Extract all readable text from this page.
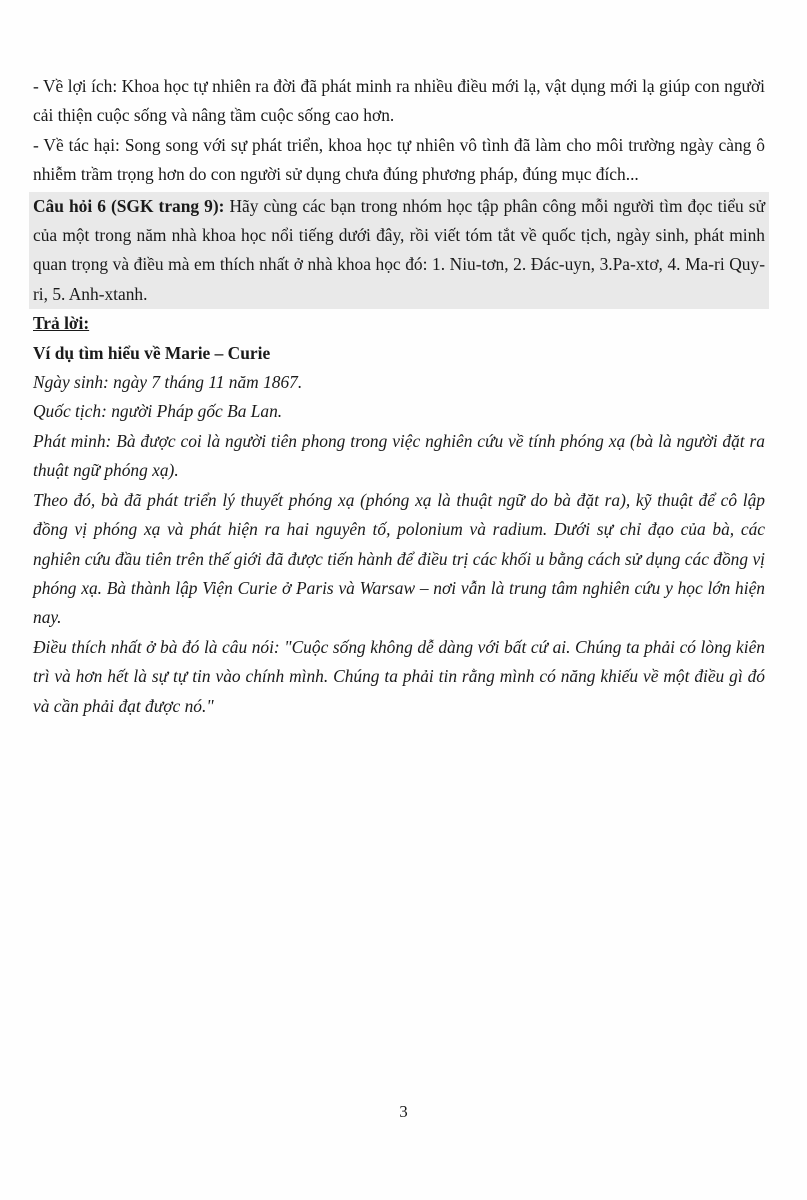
- Về lợi ích: Khoa học tự nhiên ra đời đã phát minh ra nhiều điều mới lạ, vật dụng mới lạ giúp con người cải thiện cuộc sống và nâng tầm cuộc sống cao hơn.

- Về tác hại: Song song với sự phát triển, khoa học tự nhiên vô tình đã làm cho môi trường ngày càng ô nhiễm trầm trọng hơn do con người sử dụng chưa đúng phương pháp, đúng mục đích...

Câu hỏi 6 (SGK trang 9): Hãy cùng các bạn trong nhóm học tập phân công mỗi người tìm đọc tiểu sử của một trong năm nhà khoa học nổi tiếng dưới đây, rồi viết tóm tắt về quốc tịch, ngày sinh, phát minh quan trọng và điều mà em thích nhất ở nhà khoa học đó: 1. Niu-tơn, 2. Đác-uyn, 3.Pa-xtơ, 4. Ma-ri Quy-ri, 5. Anh-xtanh.

Trả lời:

Ví dụ tìm hiểu về Marie – Curie

Ngày sinh: ngày 7 tháng 11 năm 1867.

Quốc tịch: người Pháp gốc Ba Lan.

Phát minh: Bà được coi là người tiên phong trong việc nghiên cứu về tính phóng xạ (bà là người đặt ra thuật ngữ phóng xạ).

Theo đó, bà đã phát triển lý thuyết phóng xạ (phóng xạ là thuật ngữ do bà đặt ra), kỹ thuật để cô lập đồng vị phóng xạ và phát hiện ra hai nguyên tố, polonium và radium. Dưới sự chỉ đạo của bà, các nghiên cứu đầu tiên trên thế giới đã được tiến hành để điều trị các khối u bằng cách sử dụng các đồng vị phóng xạ. Bà thành lập Viện Curie ở Paris và Warsaw – nơi vẫn là trung tâm nghiên cứu y học lớn hiện nay.

Điều thích nhất ở bà đó là câu nói: "Cuộc sống không dễ dàng với bất cứ ai. Chúng ta phải có lòng kiên trì và hơn hết là sự tự tin vào chính mình. Chúng ta phải tin rằng mình có năng khiếu về một điều gì đó và cần phải đạt được nó."

3
